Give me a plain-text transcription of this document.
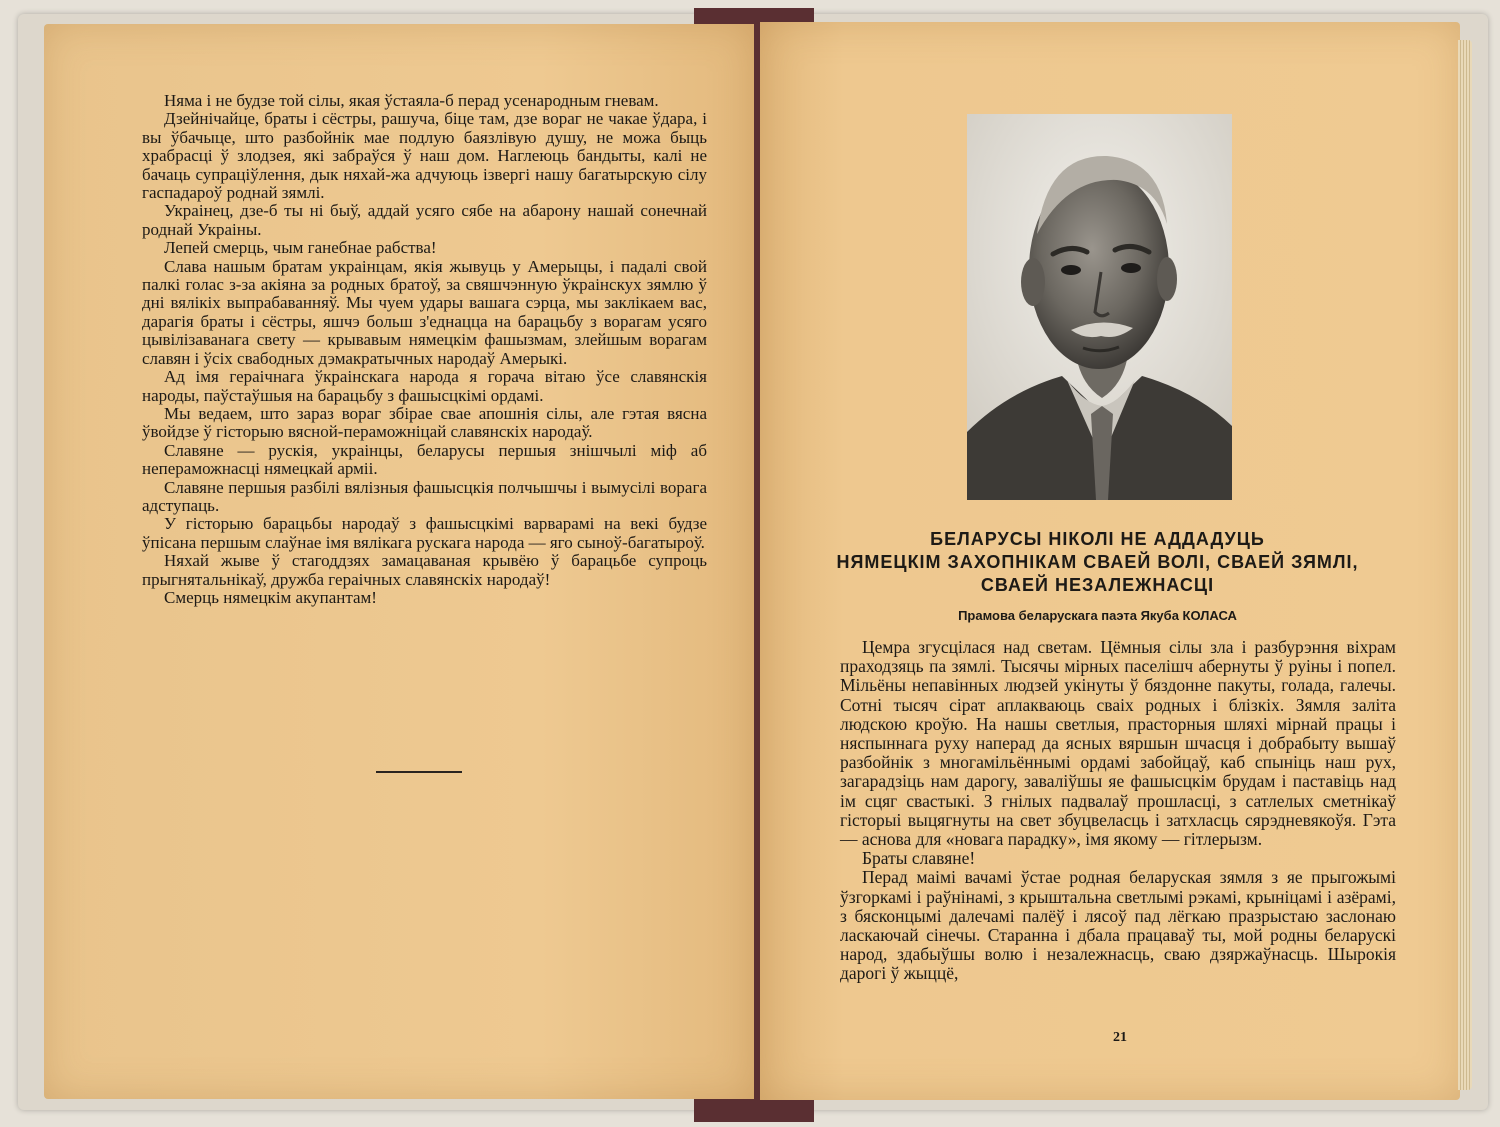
Няма і не будзе той сілы, якая ўстаяла-б перад усенародным гневам.

Дзейнічайце, браты і сёстры, рашуча, біце там, дзе вораг не чакае ўдара, і вы ўбачыце, што разбойнік мае подлую баязлівую душу, не можа быць храбрасці ў злодзея, які забраўся ў наш дом. Наглеюць бандыты, калі не бачаць супраціўлення, дык няхай-жа адчуюць ізвергі нашу багатырскую сілу гаспадароў роднай зямлі.

Украінец, дзе-б ты ні быў, аддай усяго сябе на абарону нашай сонечнай роднай Украіны.

Лепей смерць, чым ганебнае рабства!

Слава нашым братам украінцам, якія жывуць у Амерыцы, і падалі свой палкі голас з-за акіяна за родных братоў, за свяшчэнную ўкраінскух зямлю ў дні вялікіх выпрабаванняў. Мы чуем удары вашага сэрца, мы заклікаем вас, дарагія браты і сёстры, яшчэ больш з'еднацца на барацьбу з ворагам усяго цывілізаванага свету — крывавым нямецкім фашызмам, злейшым ворагам славян і ўсіх свабодных дэмакратычных народаў Амерыкі.

Ад імя гераічнага ўкраінскага народа я горача вітаю ўсе славянскія народы, паўстаўшыя на барацьбу з фашысцкімі ордамі.

Мы ведаем, што зараз вораг збірае свае апошнія сілы, але гэтая вясна ўвойдзе ў гісторыю вясной-пераможніцай славянскіх народаў.

Славяне — рускія, украінцы, беларусы першыя знішчылі міф аб непераможнасці нямецкай арміі.

Славяне першыя разбілі вялізныя фашысцкія полчышчы і вымусілі ворага адступаць.

У гісторыю барацьбы народаў з фашысцкімі варварамі на векі будзе ўпісана першым слаўнае імя вялікага рускага народа — яго сыноў-багатыроў.

Няхай жыве ў стагоддзях замацаваная крывёю ў барацьбе супроць прыгнятальнікаў, дружба гераічных славянскіх народаў!

Смерць нямецкім акупантам!

БЕЛАРУСЫ НІКОЛІ НЕ АДДАДУЦЬ
НЯМЕЦКІМ ЗАХОПНІКАМ СВАЕЙ ВОЛІ, СВАЕЙ ЗЯМЛІ,
СВАЕЙ НЕЗАЛЕЖНАСЦІ
Прамова беларускага паэта Якуба КОЛАСА

Цемра згусцілася над светам. Цёмныя сілы зла і разбурэння віхрам праходзяць па зямлі. Тысячы мірных паселішч абернуты ў руіны і попел. Мільёны непавінных людзей укінуты ў бяздонне пакуты, голада, галечы. Сотні тысяч сірат аплакваюць сваіх родных і блізкіх. Зямля заліта людскою кроўю. На нашы светлыя, прасторныя шляхі мірнай працы і няспыннага руху наперад да ясных вяршын шчасця і добрабыту вышаў разбойнік з многамільённымі ордамі забойцаў, каб спыніць наш рух, загарадзіць нам дарогу, заваліўшы яе фашысцкім брудам і паставіць над ім сцяг свастыкі. З гнілых падвалаў прошласці, з сатлелых сметнікаў гісторыі выцягнуты на свет збуцвеласць і затхласць сярэдневякоўя. Гэта — аснова для «новага парадку», імя якому — гітлерызм.

Браты славяне!

Перад маімі вачамі ўстае родная беларуская зямля з яе прыгожымі ўзгоркамі і раўнінамі, з крыштальна светлымі рэкамі, крыніцамі і азёрамі, з бясконцымі далечамі палёў і лясоў пад лёгкаю празрыстаю заслонаю ласкаючай сінечы. Старанна і дбала працаваў ты, мой родны беларускі народ, здабыўшы волю і незалежнасць, сваю дзяржаўнасць. Шырокія дарогі ў жыццё,

21
